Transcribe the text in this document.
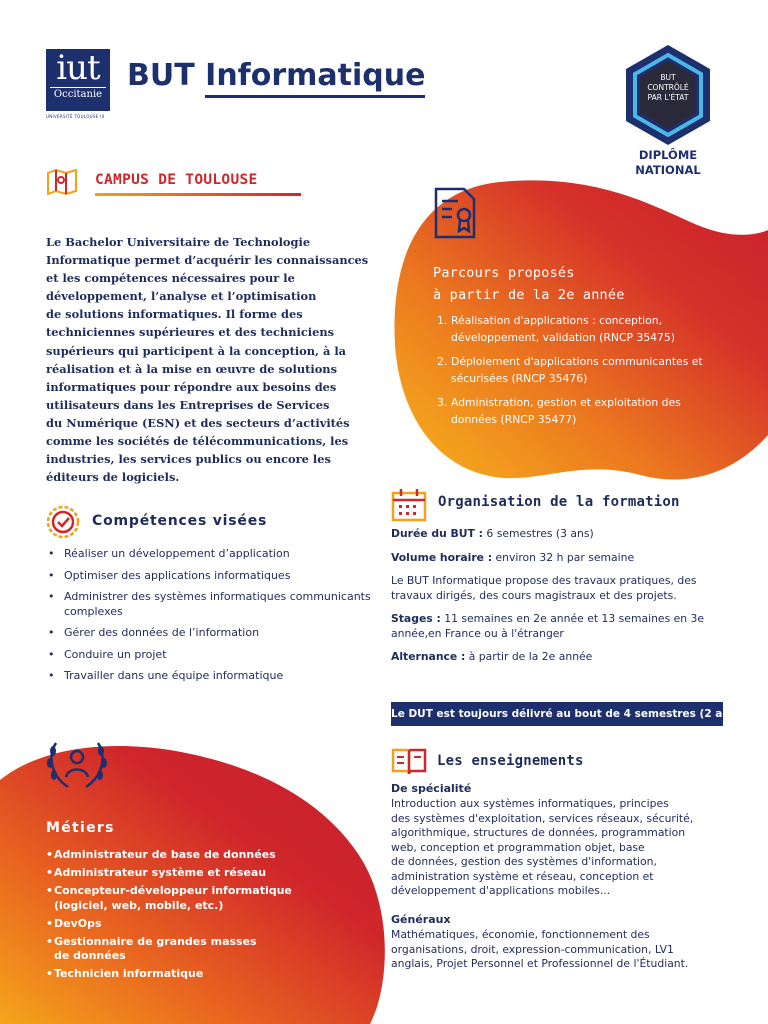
iut
Occitanie
UNIVERSITÉ TOULOUSE III
BUT Informatique	BUT
CONTRÔLÉ
PAR L'ÉTAT
DIPLÔME
NATIONAL
CAMPUS DE TOULOUSE
Le Bachelor Universitaire de Technologie
Informatique permet d’acquérir les connaissances
et les compétences nécessaires pour le
développement, l’analyse et l’optimisation
de solutions informatiques. Il forme des
techniciennes supérieures et des techniciens
supérieurs qui participent à la conception, à la
réalisation et à la mise en œuvre de solutions
informatiques pour répondre aux besoins des
utilisateurs dans les Entreprises de Services
du Numérique (ESN) et des secteurs d’activités
comme les sociétés de télécommunications, les
industries, les services publics ou encore les
éditeurs de logiciels.
Parcours proposés
à partir de la 2e année
1. Réalisation d'applications : conception, développement, validation (RNCP 35475)
2. Déploiement d'applications communicantes et sécurisées (RNCP 35476)
3. Administration, gestion et exploitation des données (RNCP 35477)
Compétences visées
• Réaliser un développement d’application
• Optimiser des applications informatiques
• Administrer des systèmes informatiques communicants complexes
• Gérer des données de l’information
• Conduire un projet
• Travailler dans une équipe informatique
Métiers
• Administrateur de base de données
• Administrateur système et réseau
• Concepteur-développeur informatique
(logiciel, web, mobile, etc.)
• DevOps
• Gestionnaire de grandes masses
de données
• Technicien informatique
Organisation de la formation

Durée du BUT : 6 semestres (3 ans)

Volume horaire : environ 32 h par semaine

Le BUT Informatique propose des travaux pratiques, des travaux dirigés, des cours magistraux et des projets.

Stages : 11 semaines en 2e année et 13 semaines en 3e année,en France ou à l'étranger

Alternance : à partir de la 2e année

Le DUT est toujours délivré au bout de 4 semestres (2 ans).
Les enseignements
De spécialité
Introduction aux systèmes informatiques, principes
des systèmes d'exploitation, services réseaux, sécurité,
algorithmique, structures de données, programmation
web, conception et programmation objet, base
de données, gestion des systèmes d'information,
administration système et réseau, conception et
développement d'applications mobiles...
Généraux
Mathématiques, économie, fonctionnement des
organisations, droit, expression-communication, LV1
anglais, Projet Personnel et Professionnel de l'Étudiant.
